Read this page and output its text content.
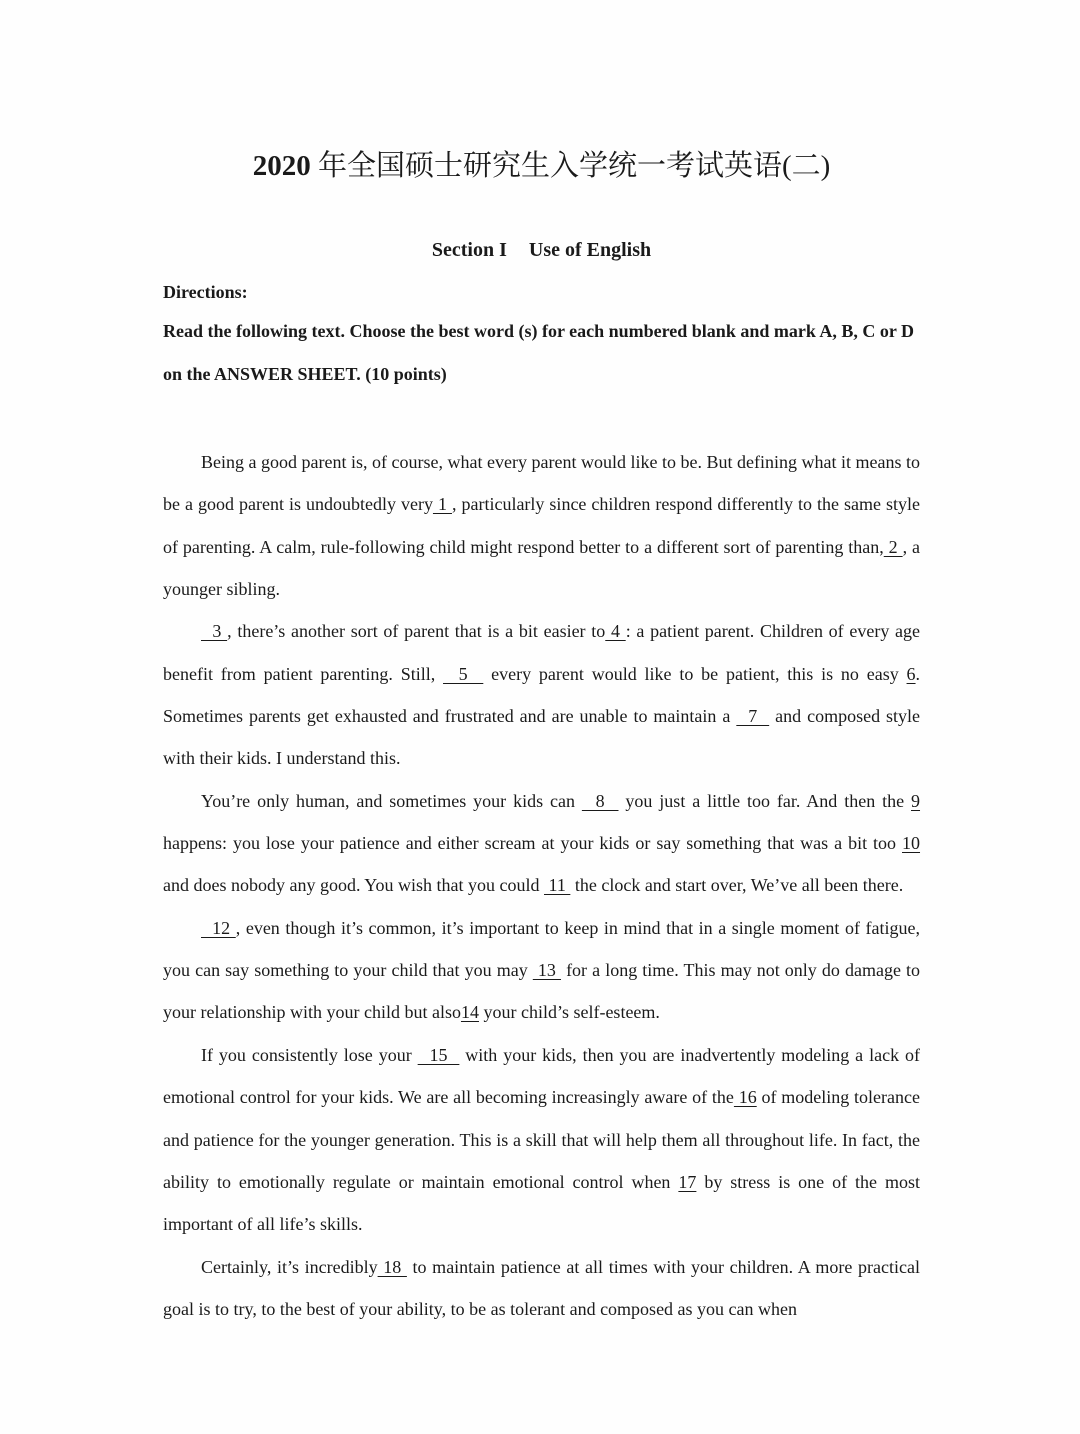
2020 年全国硕士研究生入学统一考试英语(二)
Section I Use of English
Directions:
Read the following text. Choose the best word (s) for each numbered blank and mark A, B, C or D on the ANSWER SHEET. (10 points)

Being a good parent is, of course, what every parent would like to be. But defining what it means to be a good parent is undoubtedly very 1 , particularly since children respond differently to the same style of parenting. A calm, rule-following child might respond better to a different sort of parenting than, 2 , a younger sibling.

3 , there’s another sort of parent that is a bit easier to 4 : a patient parent. Children of every age benefit from patient parenting. Still,   5   every parent would like to be patient, this is no easy 6. Sometimes parents get exhausted and frustrated and are unable to maintain a   7   and composed style with their kids. I understand this.

You’re only human, and sometimes your kids can   8   you just a little too far. And then the 9 happens: you lose your patience and either scream at your kids or say something that was a bit too 10 and does nobody any good. You wish that you could  11  the clock and start over, We’ve all been there.

12 , even though it’s common, it’s important to keep in mind that in a single moment of fatigue, you can say something to your child that you may  13  for a long time. This may not only do damage to your relationship with your child but also14 your child’s self-esteem.

If you consistently lose your   15   with your kids, then you are inadvertently modeling a lack of emotional control for your kids. We are all becoming increasingly aware of the 16 of modeling tolerance and patience for the younger generation. This is a skill that will help them all throughout life. In fact, the ability to emotionally regulate or maintain emotional control when 17 by stress is one of the most important of all life’s skills.

Certainly, it’s incredibly 18  to maintain patience at all times with your children. A more practical goal is to try, to the best of your ability, to be as tolerant and composed as you can when
